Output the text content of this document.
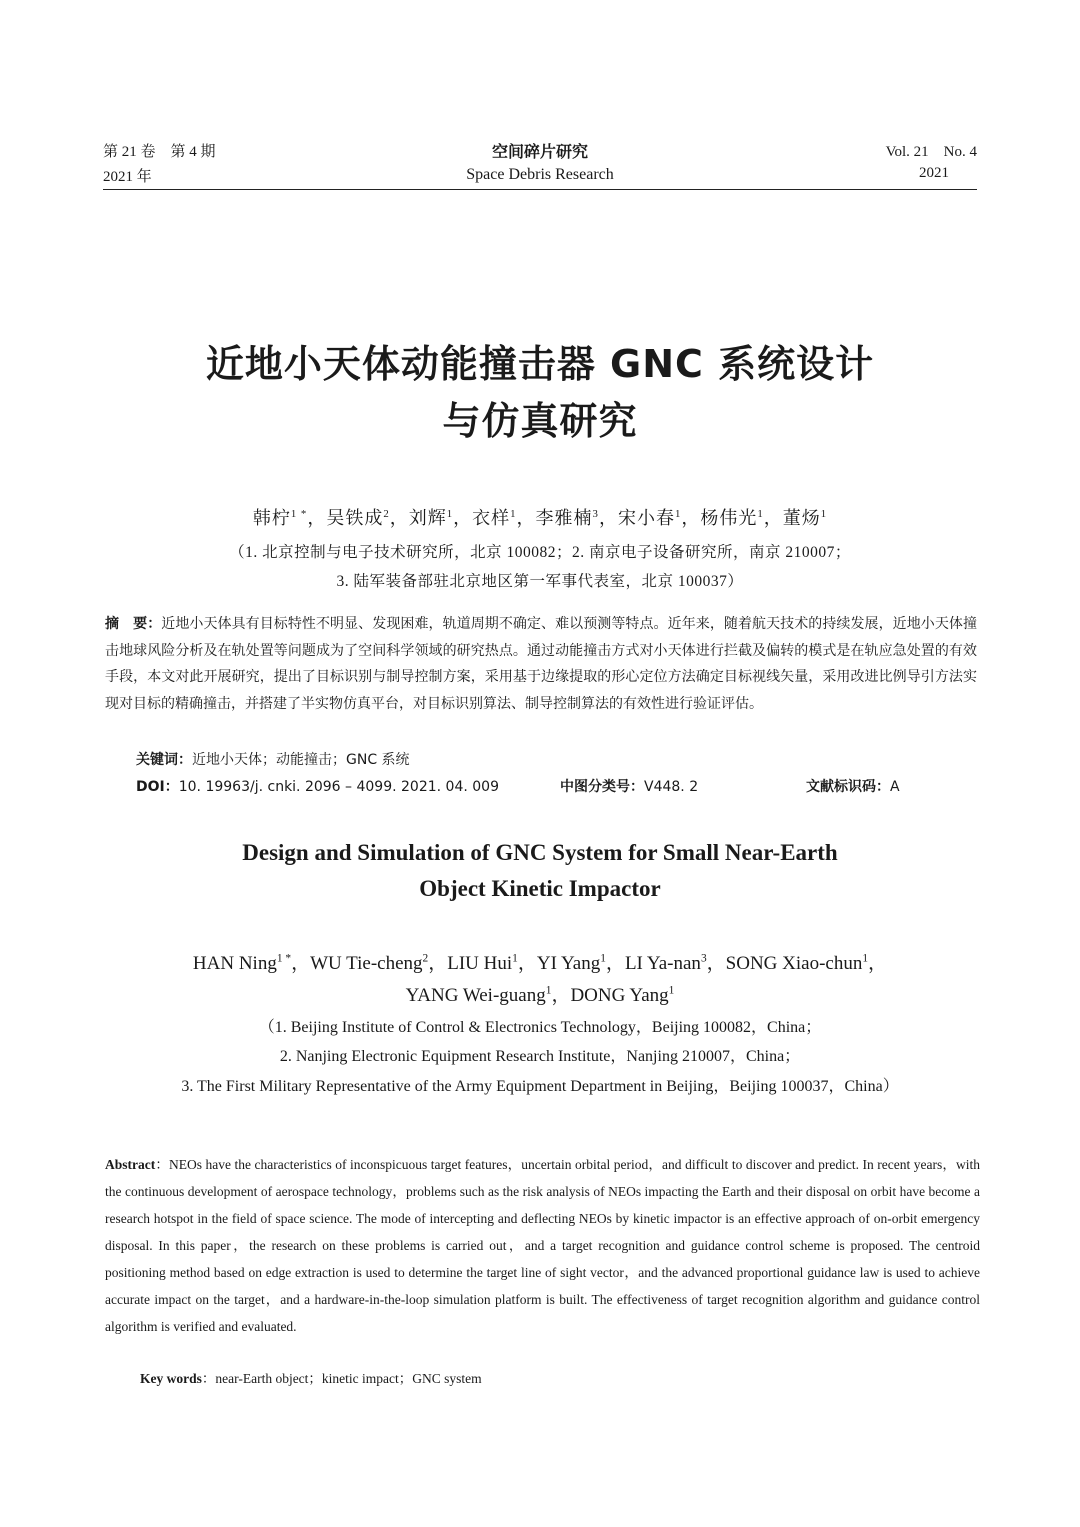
第 21 卷　第 4 期
2021 年
空间碎片研究
Space Debris Research
Vol. 21　No. 4
2021
近地小天体动能撞击器 GNC 系统设计
与仿真研究
韩柠$^{1 *}$，吴铁成$^2$，刘辉$^1$，衣样$^1$，李雅楠$^3$，宋小春$^1$，杨伟光$^1$，董炀$^1$
（1. 北京控制与电子技术研究所，北京 100082；2. 南京电子设备研究所，南京 210007；
3. 陆军装备部驻北京地区第一军事代表室，北京 100037）
摘　要：近地小天体具有目标特性不明显、发现困难，轨道周期不确定、难以预测等特点。近年来，随着航天技术的持续发展，近地小天体撞击地球风险分析及在轨处置等问题成为了空间科学领域的研究热点。通过动能撞击方式对小天体进行拦截及偏转的模式是在轨应急处置的有效手段，本文对此开展研究，提出了目标识别与制导控制方案，采用基于边缘提取的形心定位方法确定目标视线矢量，采用改进比例导引方法实现对目标的精确撞击，并搭建了半实物仿真平台，对目标识别算法、制导控制算法的有效性进行验证评估。
关键词：近地小天体；动能撞击；GNC 系统
DOI：10. 19963/j. cnki. 2096 – 4099. 2021. 04. 009	中图分类号：V448. 2	文献标识码：A
Design and Simulation of GNC System for Small Near-Earth
Object Kinetic Impactor
HAN Ning$^{1 *}$，WU Tie-cheng$^2$，LIU Hui$^1$，YI Yang$^1$，LI Ya-nan$^3$，SONG Xiao-chun$^1$，
YANG Wei-guang$^1$，DONG Yang$^1$
（1. Beijing Institute of Control & Electronics Technology，Beijing 100082，China；
2. Nanjing Electronic Equipment Research Institute，Nanjing 210007，China；
3. The First Military Representative of the Army Equipment Department in Beijing，Beijing 100037，China）
Abstract：NEOs have the characteristics of inconspicuous target features，uncertain orbital period，and difficult to discover and predict. In recent years，with the continuous development of aerospace technology，problems such as the risk analysis of NEOs impacting the Earth and their disposal on orbit have become a research hotspot in the field of space science. The mode of intercepting and deflecting NEOs by kinetic impactor is an effective approach of on-orbit emergency disposal. In this paper，the research on these problems is carried out，and a target recognition and guidance control scheme is proposed. The centroid positioning method based on edge extraction is used to determine the target line of sight vector，and the advanced proportional guidance law is used to achieve accurate impact on the target，and a hardware-in-the-loop simulation platform is built. The effectiveness of target recognition algorithm and guidance control algorithm is verified and evaluated.
Key words：near-Earth object；kinetic impact；GNC system
